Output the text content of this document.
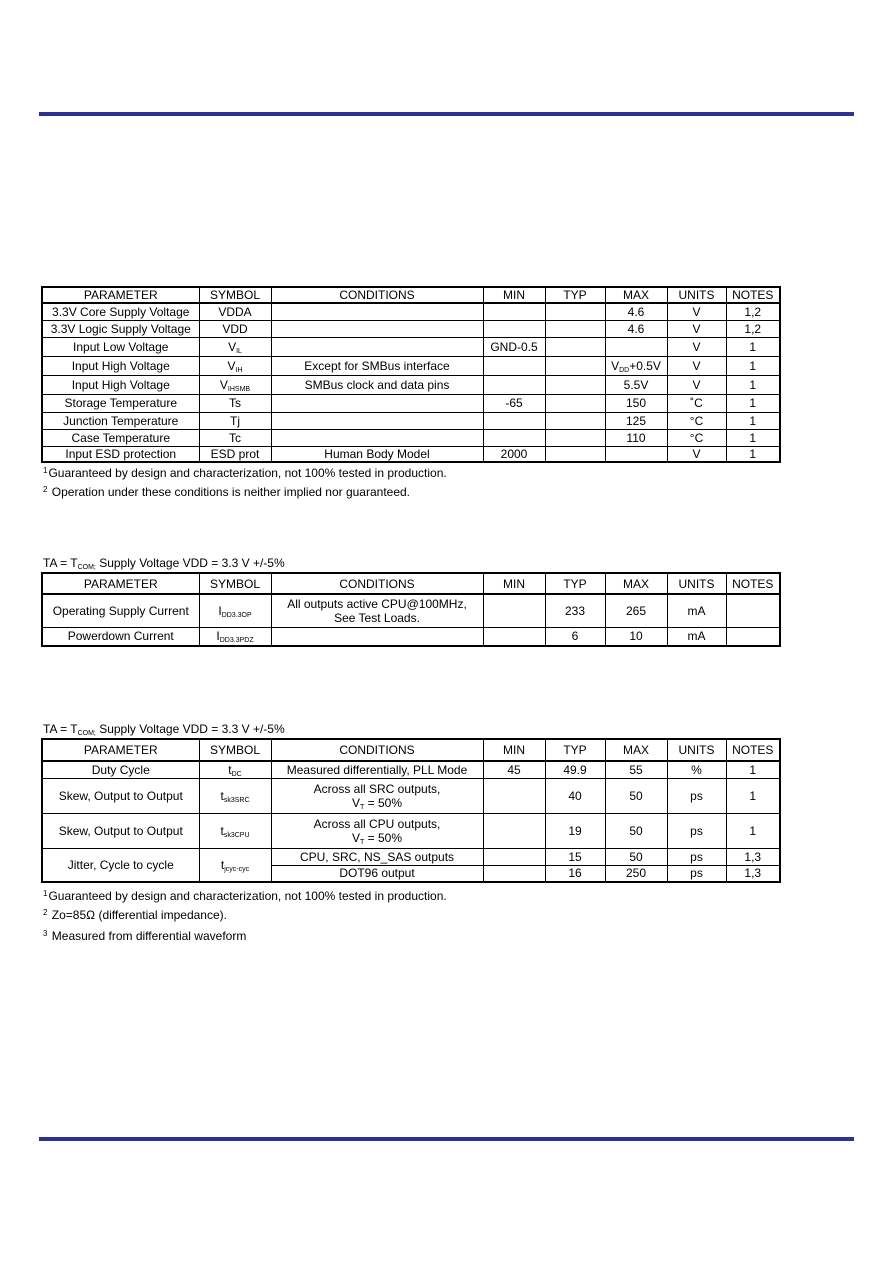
PARAMETER	SYMBOL	CONDITIONS	MIN	TYP	MAX	UNITS	NOTES
3.3V Core Supply Voltage	VDDA				4.6	V	1,2
3.3V Logic Supply Voltage	VDD				4.6	V	1,2
Input Low Voltage	$V_{IL}$		GND-0.5			V	1
Input High Voltage	$V_{IH}$	Except for SMBus interface			$V_{DD}+0.5V$	V	1
Input High Voltage	$V_{IHSMB}$	SMBus clock and data pins			5.5V	V	1
Storage Temperature	Ts		-65		150	˚C	1
Junction Temperature	Tj				125	°C	1
Case Temperature	Tc				110	°C	1
Input ESD protection	ESD prot	Human Body Model	2000			V	1
$^1$Guaranteed by design and characterization, not 100% tested in production.
$^2$ Operation under these conditions is neither implied nor guaranteed.
TA = $T_{COM;}$ Supply Voltage VDD = 3.3 V +/-5%
PARAMETER	SYMBOL	CONDITIONS	MIN	TYP	MAX	UNITS	NOTES
Operating Supply Current	$I_{DD3.3OP}$	All outputs active CPU@100MHz,
See Test Loads.		233	265	mA	
Powerdown Current	$I_{DD3.3PDZ}$			6	10	mA	
TA = $T_{COM;}$ Supply Voltage VDD = 3.3 V +/-5%
PARAMETER	SYMBOL	CONDITIONS	MIN	TYP	MAX	UNITS	NOTES
Duty Cycle	$t_{DC}$	Measured differentially, PLL Mode	45	49.9	55	%	1
Skew, Output to Output	$t_{sk3SRC}$	Across all SRC outputs,
$V_T = 50\%$		40	50	ps	1
Skew, Output to Output	$t_{sk3CPU}$	Across all CPU outputs,
$V_T = 50\%$		19	50	ps	1
Jitter, Cycle to cycle	$t_{jcyc-cyc}$	CPU, SRC, NS_SAS outputs		15	50	ps	1,3
		DOT96 output		16	250	ps	1,3
$^1$Guaranteed by design and characterization, not 100% tested in production.
$^2$ Zo=85Ω (differential impedance).
$^3$ Measured from differential waveform
